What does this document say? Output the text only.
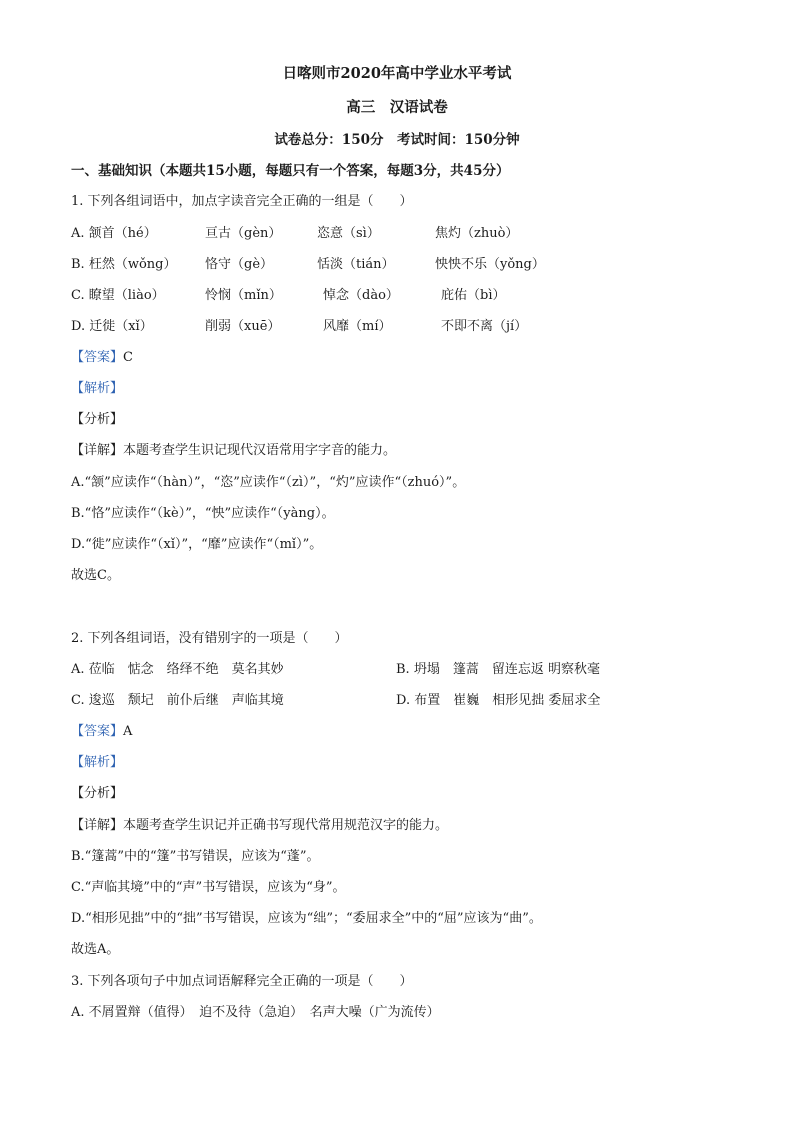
日喀则市2020年高中学业水平考试
高三　汉语试卷
试卷总分：150分　考试时间：150分钟
一、基础知识（本题共15小题，每题只有一个答案，每题3分，共45分）
1. 下列各组词语中，加点字读音完全正确的一组是（　　）
A. 颔首（hé）	亘古（gèn）	恣意（sì）	焦灼（zhuò）
B. 枉然（wǒng） 恪守（gè）	恬淡（tián）	怏怏不乐（yǒng）
C. 瞭望（liào）	怜悯（mǐn）	悼念（dào）	庇佑（bì）
D. 迁徙（xǐ）	削弱（xuē）	风靡（mí）	不即不离（jí）
【答案】C
【解析】
【分析】
【详解】本题考查学生识记现代汉语常用字字音的能力。
A.“颔”应读作“（hàn）”，“恣”应读作“（zì）”，“灼”应读作“（zhuó）”。
B.“恪”应读作“（kè）”，“怏”应读作“（yàng）。
D.“徙”应读作“（xǐ）”，“靡”应读作“（mǐ）”。
故选C。
2. 下列各组词语，没有错别字的一项是（　　）
A. 莅临　惦念　络绎不绝　莫名其妙	B. 坍塌　篷蒿　留连忘返 明察秋毫
C. 逡巡　颓圮　前仆后继　声临其境	D. 布置　崔巍　相形见拙 委屈求全
【答案】A
【解析】
【分析】
【详解】本题考查学生识记并正确书写现代常用规范汉字的能力。
B.“篷蒿”中的“篷”书写错误，应该为“蓬”。
C.“声临其境”中的“声”书写错误，应该为“身”。
D.“相形见拙”中的“拙”书写错误，应该为“绌”；“委屈求全”中的“屈”应该为“曲”。
故选A。
3. 下列各项句子中加点词语解释完全正确的一项是（　　）
A. 不屑置辩（值得）　迫不及待（急迫）　名声大噪（广为流传）
